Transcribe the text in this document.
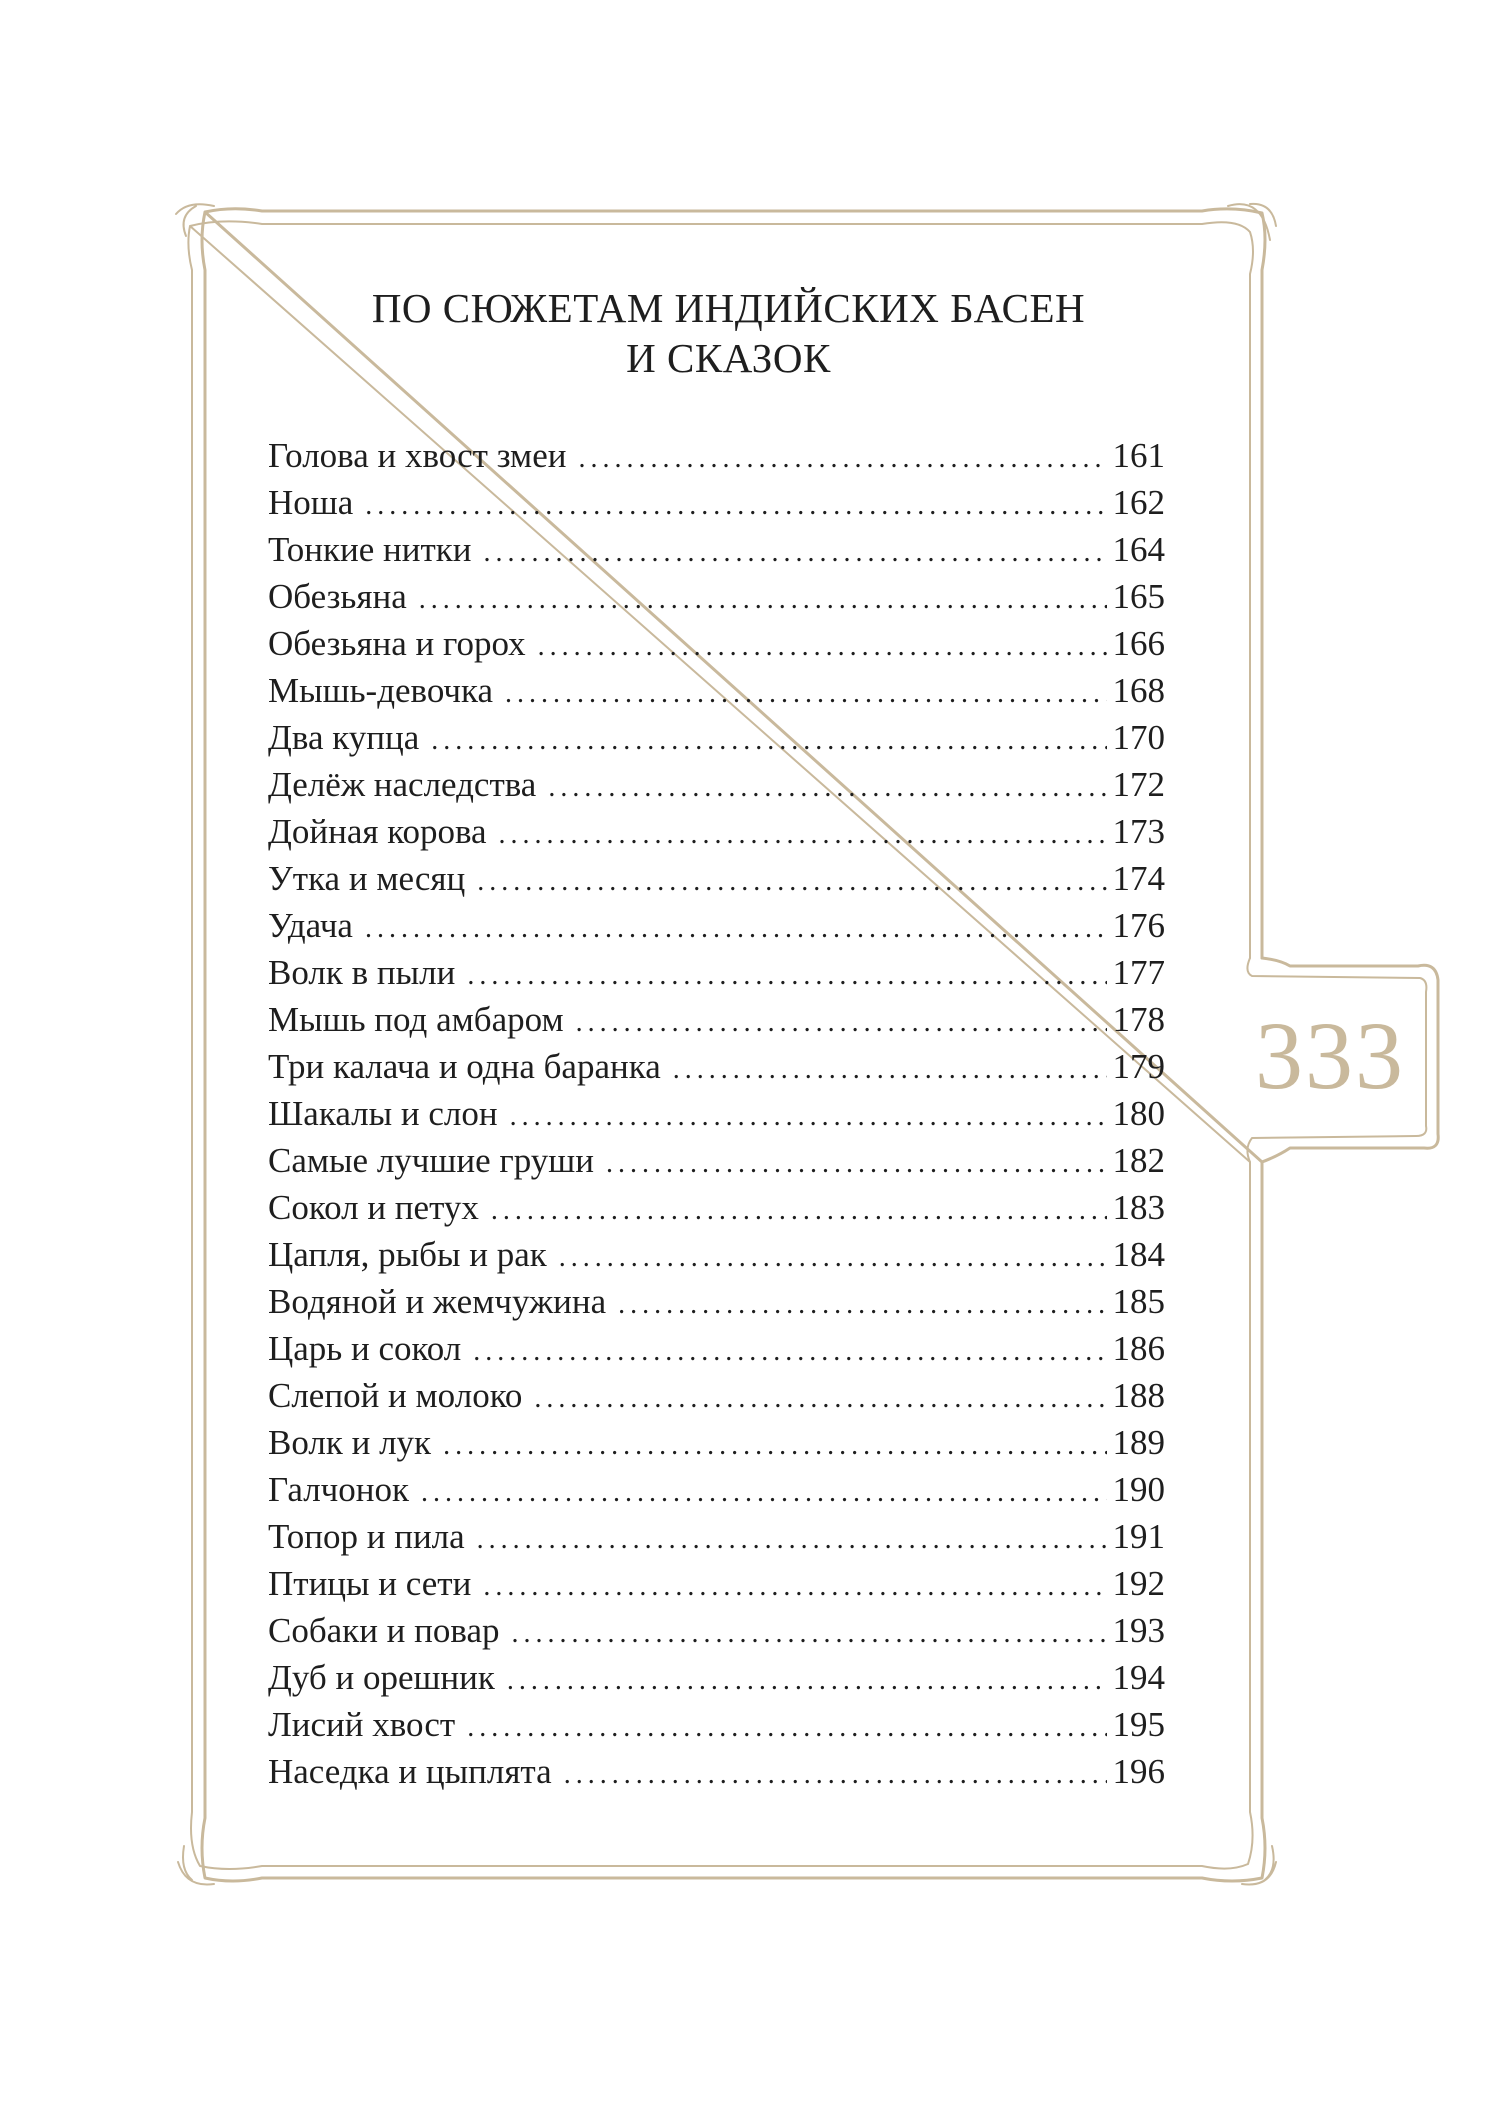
ПО СЮЖЕТАМ ИНДИЙСКИХ БАСЕН
И СКАЗОК
Голова и хвост змеи . . .	161
Ноша . . .	162
Тонкие нитки . . .	164
Обезьяна . . .	165
Обезьяна и горох . . .	166
Мышь-девочка . . .	168
Два купца . . .	170
Делёж наследства . . .	172
Дойная корова . . .	173
Утка и месяц . . .	174
Удача . . .	176
Волк в пыли . . .	177
Мышь под амбаром . . .	178
Три калача и одна баранка . . .	179
Шакалы и слон . . .	180
Самые лучшие груши . . .	182
Сокол и петух . . .	183
Цапля, рыбы и рак . . .	184
Водяной и жемчужина . . .	185
Царь и сокол . . .	186
Слепой и молоко . . .	188
Волк и лук . . .	189
Галчонок . . .	190
Топор и пила . . .	191
Птицы и сети . . .	192
Собаки и повар . . .	193
Дуб и орешник . . .	194
Лисий хвост . . .	195
Наседка и цыплята . . .	196
333
